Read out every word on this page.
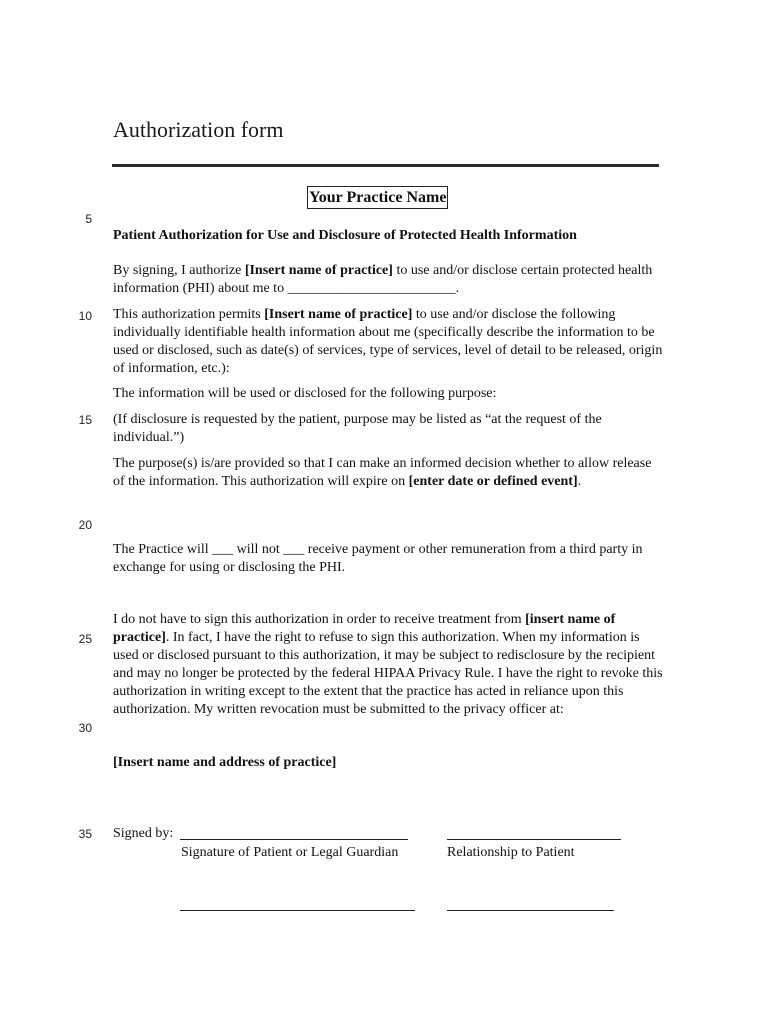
Authorization form
Your Practice Name
5
10
15
20
25
30
35

Patient Authorization for Use and Disclosure of Protected Health Information

By signing, I authorize [Insert name of practice] to use and/or disclose certain protected health information (PHI) about me to ________________________.

This authorization permits [Insert name of practice] to use and/or disclose the following individually identifiable health information about me (specifically describe the information to be used or disclosed, such as date(s) of services, type of services, level of detail to be released, origin of information, etc.):

The information will be used or disclosed for the following purpose:

(If disclosure is requested by the patient, purpose may be listed as “at the request of the individual.”)

The purpose(s) is/are provided so that I can make an informed decision whether to allow release of the information. This authorization will expire on [enter date or defined event].

The Practice will ___ will not ___ receive payment or other remuneration from a third party in exchange for using or disclosing the PHI.

I do not have to sign this authorization in order to receive treatment from [insert name of practice]. In fact, I have the right to refuse to sign this authorization. When my information is used or disclosed pursuant to this authorization, it may be subject to redisclosure by the recipient and may no longer be protected by the federal HIPAA Privacy Rule. I have the right to revoke this authorization in writing except to the extent that the practice has acted in reliance upon this authorization. My written revocation must be submitted to the privacy officer at:

[Insert name and address of practice]

Signed by:
Signature of Patient or Legal Guardian	Relationship to Patient
